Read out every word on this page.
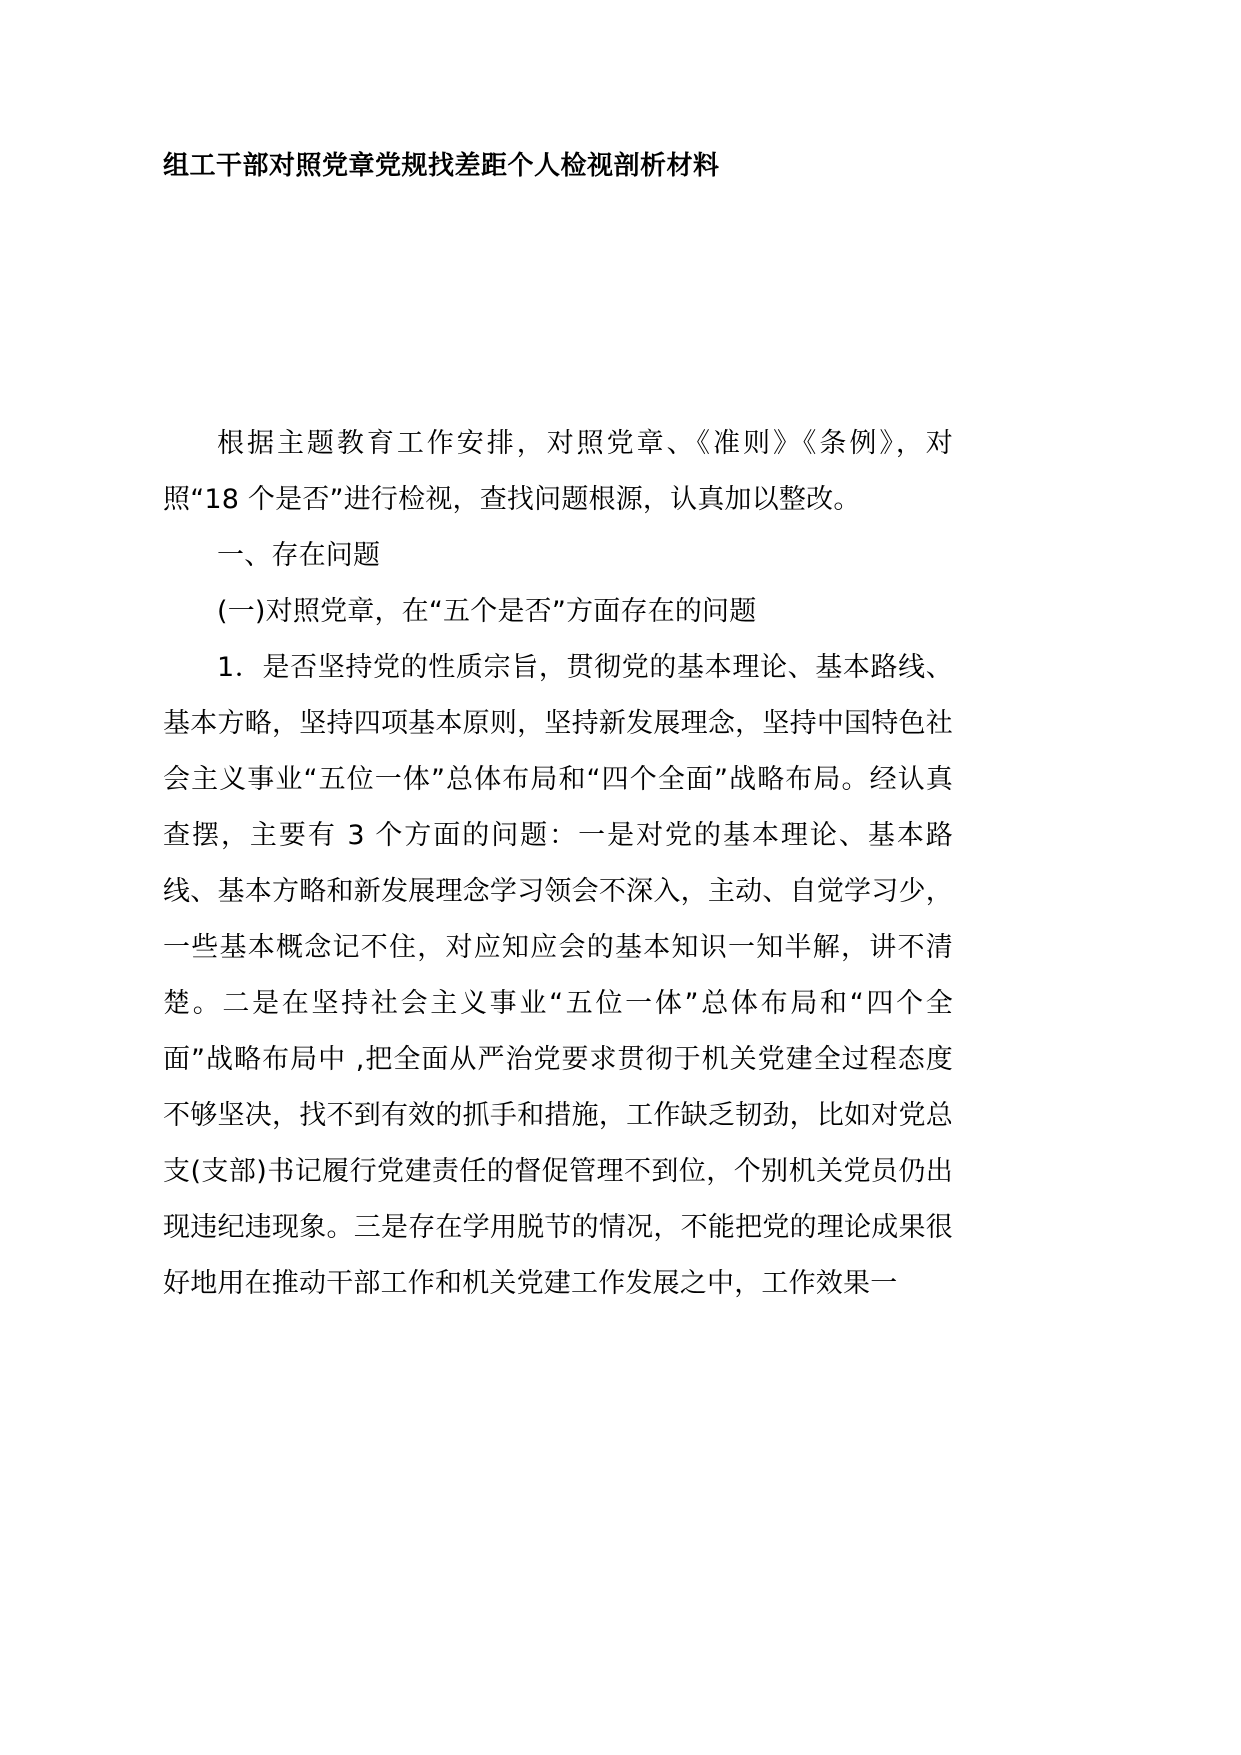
组工干部对照党章党规找差距个人检视剖析材料

根据主题教育工作安排，对照党章、《准则》《条例》，对照“18 个是否”进行检视，查找问题根源，认真加以整改。

一、存在问题

(一)对照党章，在“五个是否”方面存在的问题

1．是否坚持党的性质宗旨，贯彻党的基本理论、基本路线、基本方略，坚持四项基本原则，坚持新发展理念，坚持中国特色社会主义事业“五位一体”总体布局和“四个全面”战略布局。经认真查摆，主要有 3 个方面的问题：一是对党的基本理论、基本路线、基本方略和新发展理念学习领会不深入，主动、自觉学习少，一些基本概念记不住，对应知应会的基本知识一知半解，讲不清楚。二是在坚持社会主义事业“五位一体”总体布局和“四个全面”战略布局中 ,把全面从严治党要求贯彻于机关党建全过程态度不够坚决，找不到有效的抓手和措施，工作缺乏韧劲，比如对党总支(支部)书记履行党建责任的督促管理不到位，个别机关党员仍出现违纪违现象。三是存在学用脱节的情况，不能把党的理论成果很好地用在推动干部工作和机关党建工作发展之中，工作效果一
